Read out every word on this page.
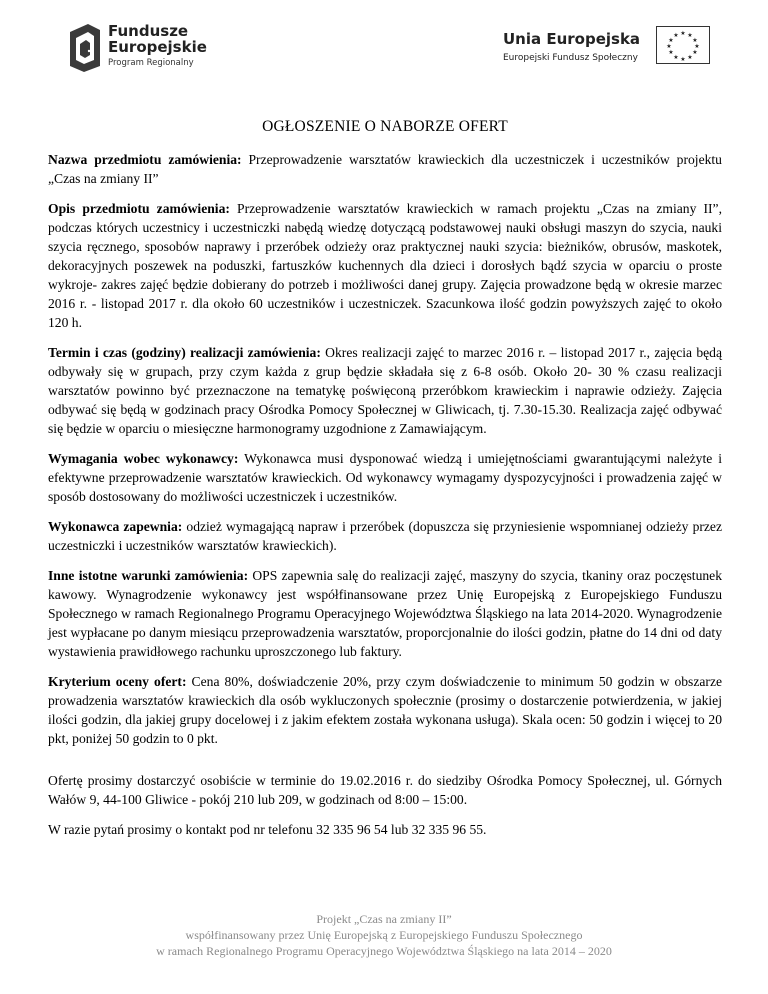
Fundusze
Europejskie
Program Regionalny
Unia Europejska
Europejski Fundusz Społeczny
★ ★
★
★
★
★
★
★
★
★
★
★
OGŁOSZENIE O NABORZE OFERT

Nazwa przedmiotu zamówienia: Przeprowadzenie warsztatów krawieckich dla uczestniczek i uczestników projektu „Czas na zmiany II”

Opis przedmiotu zamówienia: Przeprowadzenie warsztatów krawieckich w ramach projektu „Czas na zmiany II”, podczas których uczestnicy i uczestniczki nabędą wiedzę dotyczącą podstawowej nauki obsługi maszyn do szycia, nauki szycia ręcznego, sposobów naprawy i przeróbek odzieży oraz praktycznej nauki szycia: bieżników, obrusów, maskotek, dekoracyjnych poszewek na poduszki, fartuszków kuchennych dla dzieci i dorosłych bądź szycia w oparciu o proste wykroje- zakres zajęć będzie dobierany do potrzeb i możliwości danej grupy. Zajęcia prowadzone będą w okresie marzec 2016 r. - listopad 2017 r. dla około 60 uczestników i uczestniczek. Szacunkowa ilość godzin powyższych zajęć to około 120 h.

Termin i czas (godziny) realizacji zamówienia: Okres realizacji zajęć to marzec 2016 r. – listopad 2017 r., zajęcia będą odbywały się w grupach, przy czym każda z grup będzie składała się z 6-8 osób. Około 20- 30 % czasu realizacji warsztatów powinno być przeznaczone na tematykę poświęconą przeróbkom krawieckim i naprawie odzieży. Zajęcia odbywać się będą w godzinach pracy Ośrodka Pomocy Społecznej w Gliwicach, tj. 7.30-15.30. Realizacja zajęć odbywać się będzie w oparciu o miesięczne harmonogramy uzgodnione z Zamawiającym.

Wymagania wobec wykonawcy: Wykonawca musi dysponować wiedzą i umiejętnościami gwarantującymi należyte i efektywne przeprowadzenie warsztatów krawieckich. Od wykonawcy wymagamy dyspozycyjności i prowadzenia zajęć w sposób dostosowany do możliwości uczestniczek i uczestników.

Wykonawca zapewnia: odzież wymagającą napraw i przeróbek (dopuszcza się przyniesienie wspomnianej odzieży przez uczestniczki i uczestników warsztatów krawieckich).

Inne istotne warunki zamówienia: OPS zapewnia salę do realizacji zajęć, maszyny do szycia, tkaniny oraz poczęstunek kawowy. Wynagrodzenie wykonawcy jest współfinansowane przez Unię Europejską z Europejskiego Funduszu Społecznego w ramach Regionalnego Programu Operacyjnego Województwa Śląskiego na lata 2014-2020. Wynagrodzenie jest wypłacane po danym miesiącu przeprowadzenia warsztatów, proporcjonalnie do ilości godzin, płatne do 14 dni od daty wystawienia prawidłowego rachunku uproszczonego lub faktury.

Kryterium oceny ofert: Cena 80%, doświadczenie 20%, przy czym doświadczenie to minimum 50 godzin w obszarze prowadzenia warsztatów krawieckich dla osób wykluczonych społecznie (prosimy o dostarczenie potwierdzenia, w jakiej ilości godzin, dla jakiej grupy docelowej i z jakim efektem została wykonana usługa). Skala ocen: 50 godzin i więcej to 20 pkt, poniżej 50 godzin to 0 pkt.

Ofertę prosimy dostarczyć osobiście w terminie do 19.02.2016 r. do siedziby Ośrodka Pomocy Społecznej, ul. Górnych Wałów 9, 44-100 Gliwice - pokój 210 lub 209, w godzinach od 8:00 – 15:00.

W razie pytań prosimy o kontakt pod nr telefonu 32 335 96 54 lub 32 335 96 55.

Projekt „Czas na zmiany II”
współfinansowany przez Unię Europejską z Europejskiego Funduszu Społecznego
w ramach Regionalnego Programu Operacyjnego Województwa Śląskiego na lata 2014 – 2020
